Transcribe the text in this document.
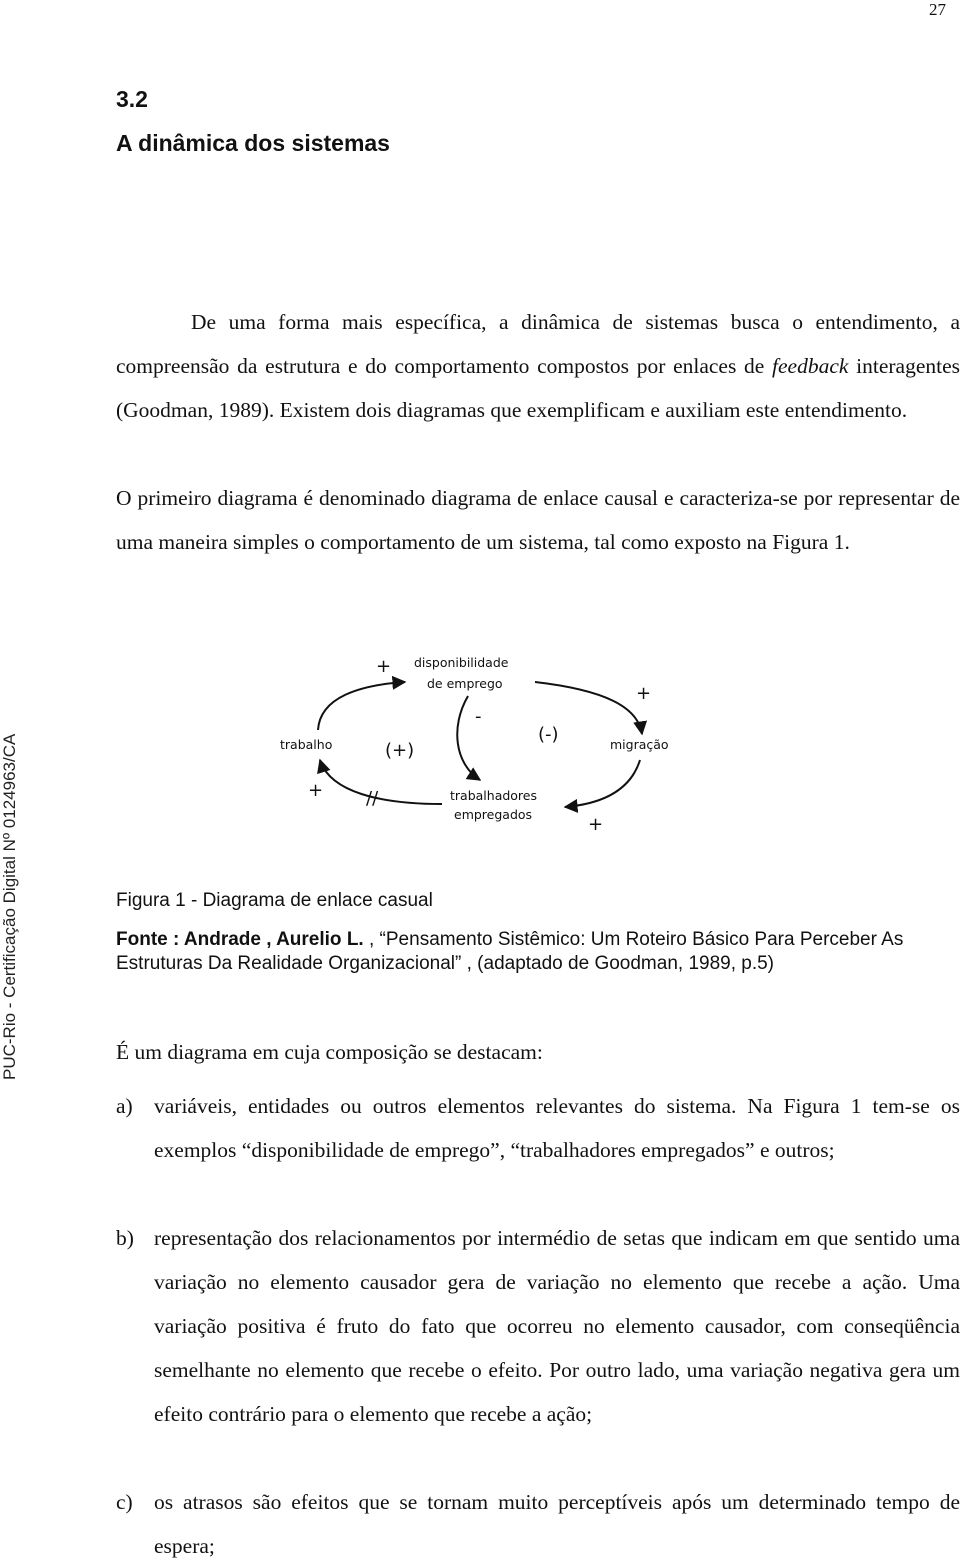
27
3.2
A dinâmica dos sistemas

De uma forma mais específica, a dinâmica de sistemas busca o entendimento, a compreensão da estrutura e do comportamento compostos por enlaces de feedback interagentes (Goodman, 1989). Existem dois diagramas que exemplificam e auxiliam este entendimento.

O primeiro diagrama é denominado diagrama de enlace causal e caracteriza-se por representar de uma maneira simples o comportamento de um sistema, tal como exposto na Figura 1.

PUC-Rio - Certificação Digital Nº 0124963/CA
disponibilidade
de emprego
trabalho	migração
trabalhadores
empregados
+
+
-
(+)
(-)
+
+
//
Figura 1 - Diagrama de enlace casual
Fonte : Andrade , Aurelio L. , “Pensamento Sistêmico: Um Roteiro Básico Para Perceber As Estruturas Da Realidade Organizacional” , (adaptado de Goodman, 1989, p.5)
É um diagrama em cuja composição se destacam:
a) variáveis, entidades ou outros elementos relevantes do sistema. Na Figura 1 tem-se os exemplos “disponibilidade de emprego”, “trabalhadores empregados” e outros;
b) representação dos relacionamentos por intermédio de setas que indicam em que sentido uma variação no elemento causador gera de variação no elemento que recebe a ação. Uma variação positiva é fruto do fato que ocorreu no elemento causador, com conseqüência semelhante no elemento que recebe o efeito. Por outro lado, uma variação negativa gera um efeito contrário para o elemento que recebe a ação;
c) os atrasos são efeitos que se tornam muito perceptíveis após um determinado tempo de espera;
